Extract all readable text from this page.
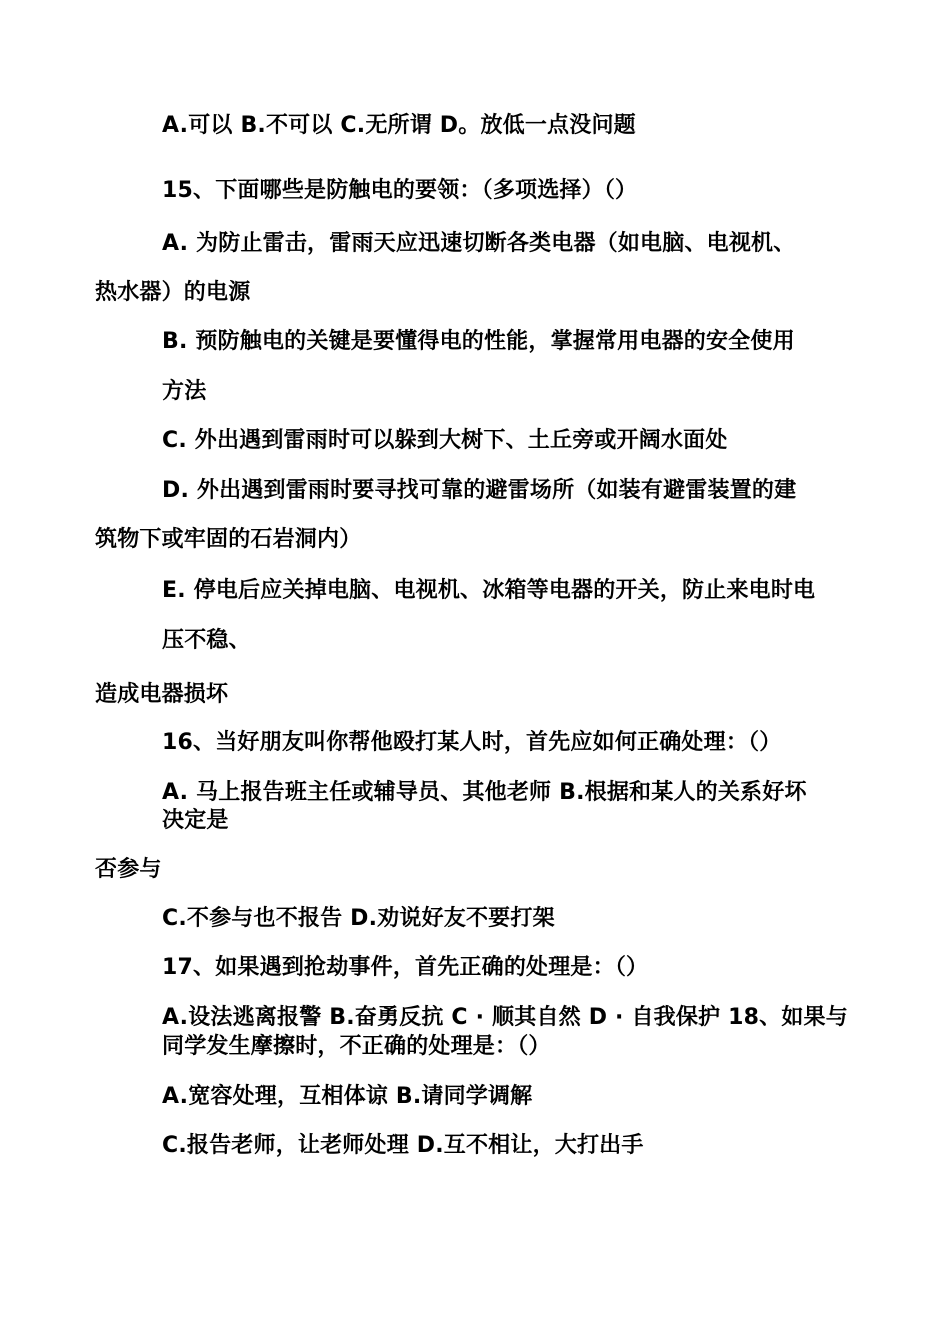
A.可以 B.不可以 C.无所谓 D。放低一点没问题
15、下面哪些是防触电的要领：（多项选择）（）
A. 为防止雷击，雷雨天应迅速切断各类电器（如电脑、电视机、
热水器）的电源
B. 预防触电的关键是要懂得电的性能，掌握常用电器的安全使用
方法
C. 外出遇到雷雨时可以躲到大树下、土丘旁或开阔水面处
D. 外出遇到雷雨时要寻找可靠的避雷场所（如装有避雷装置的建
筑物下或牢固的石岩洞内）
E. 停电后应关掉电脑、电视机、冰箱等电器的开关，防止来电时电
压不稳、
造成电器损坏
16、当好朋友叫你帮他殴打某人时，首先应如何正确处理：（）
A. 马上报告班主任或辅导员、其他老师 B.根据和某人的关系好坏
决定是
否参与
C.不参与也不报告 D.劝说好友不要打架
17、如果遇到抢劫事件，首先正确的处理是：（）
A.设法逃离报警 B.奋勇反抗 C · 顺其自然 D · 自我保护 18、如果与
同学发生摩擦时，不正确的处理是：（）
A.宽容处理，互相体谅 B.请同学调解
C.报告老师，让老师处理 D.互不相让，大打出手
